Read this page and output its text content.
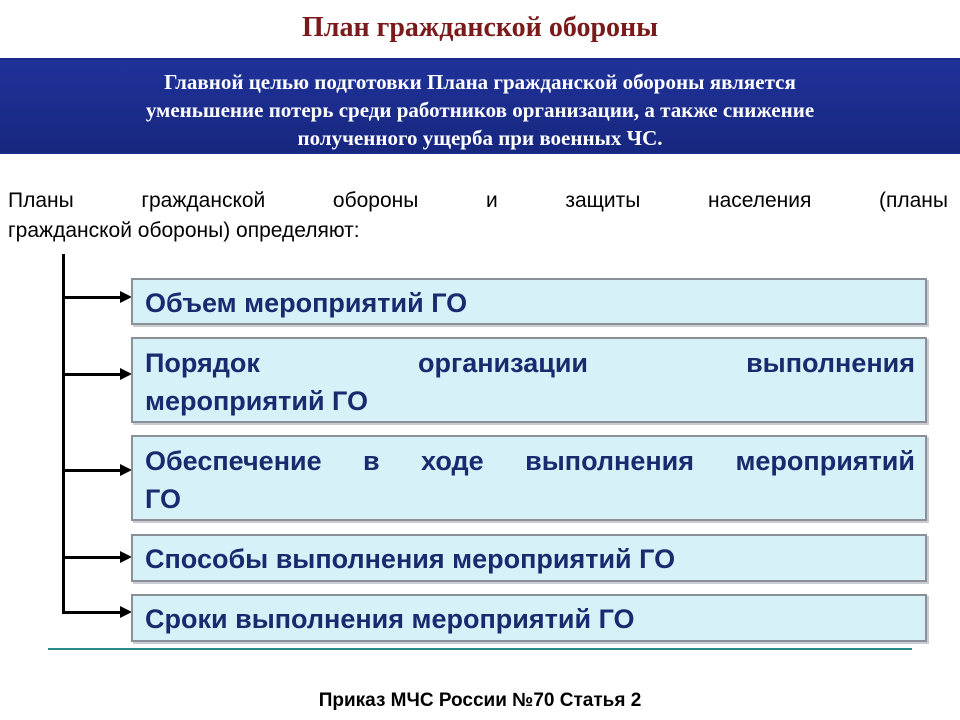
План гражданской обороны
Главной целью подготовки Плана гражданской обороны является
уменьшение потерь среди работников организации, а также снижение
полученного ущерба при военных ЧС.
Планы гражданской обороны и защиты населения (планы
гражданской обороны) определяют:
Объем мероприятий ГО
Порядок организации выполнения
мероприятий ГО
Обеспечение в ходе выполнения мероприятий
ГО
Способы выполнения мероприятий ГО
Сроки выполнения мероприятий ГО
Приказ МЧС России №70 Статья 2
